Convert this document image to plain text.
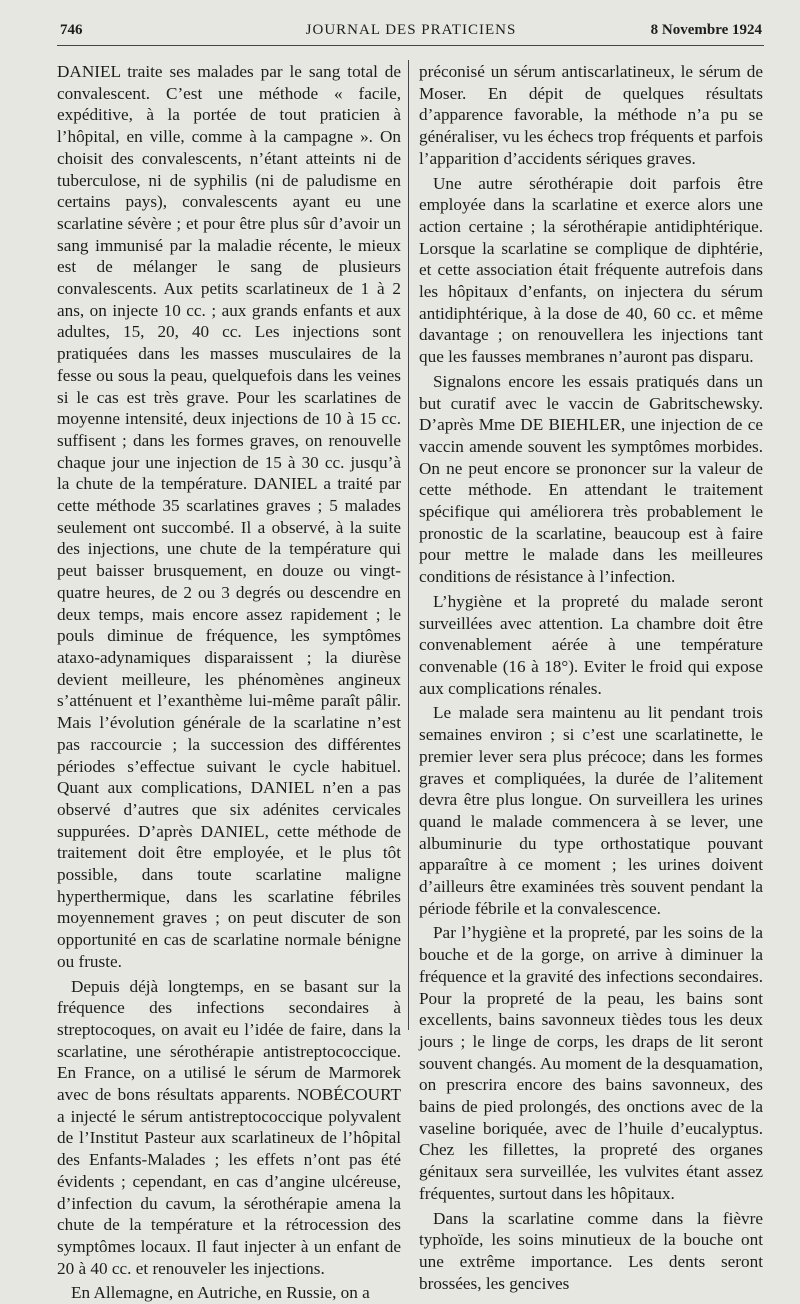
746	JOURNAL DES PRATICIENS	8 Novembre 1924

DANIEL traite ses malades par le sang total de convalescent. C’est une méthode « facile, expéditive, à la portée de tout praticien à l’hôpital, en ville, comme à la campagne ». On choisit des convalescents, n’étant atteints ni de tuberculose, ni de syphilis (ni de paludisme en certains pays), convalescents ayant eu une scarlatine sévère ; et pour être plus sûr d’avoir un sang immunisé par la maladie récente, le mieux est de mélanger le sang de plusieurs convalescents. Aux petits scarlatineux de 1 à 2 ans, on injecte 10 cc. ; aux grands enfants et aux adultes, 15, 20, 40 cc. Les injections sont pratiquées dans les masses musculaires de la fesse ou sous la peau, quelquefois dans les veines si le cas est très grave. Pour les scarlatines de moyenne intensité, deux injections de 10 à 15 cc. suffisent ; dans les formes graves, on renouvelle chaque jour une injection de 15 à 30 cc. jusqu’à la chute de la température. DANIEL a traité par cette méthode 35 scarlatines graves ; 5 malades seulement ont succombé. Il a observé, à la suite des injections, une chute de la température qui peut baisser brusquement, en douze ou vingt-quatre heures, de 2 ou 3 degrés ou descendre en deux temps, mais encore assez rapidement ; le pouls diminue de fréquence, les symptômes ataxo-adynamiques disparaissent ; la diurèse devient meilleure, les phénomènes angineux s’atténuent et l’exanthème lui-même paraît pâlir. Mais l’évolution générale de la scarlatine n’est pas raccourcie ; la succession des différentes périodes s’effectue suivant le cycle habituel. Quant aux complications, DANIEL n’en a pas observé d’autres que six adénites cervicales suppurées. D’après DANIEL, cette méthode de traitement doit être employée, et le plus tôt possible, dans toute scarlatine maligne hyperthermique, dans les scarlatine fébriles moyennement graves ; on peut discuter de son opportunité en cas de scarlatine normale bénigne ou fruste.

Depuis déjà longtemps, en se basant sur la fréquence des infections secondaires à streptocoques, on avait eu l’idée de faire, dans la scarlatine, une sérothérapie antistreptococcique. En France, on a utilisé le sérum de Marmorek avec de bons résultats apparents. NOBÉCOURT a injecté le sérum antistreptococcique polyvalent de l’Institut Pasteur aux scarlatineux de l’hôpital des Enfants-Malades ; les effets n’ont pas été évidents ; cependant, en cas d’angine ulcéreuse, d’infection du cavum, la sérothérapie amena la chute de la température et la rétrocession des symptômes locaux. Il faut injecter à un enfant de 20 à 40 cc. et renouveler les injections.

En Allemagne, en Autriche, en Russie, on a

préconisé un sérum antiscarlatineux, le sérum de Moser. En dépit de quelques résultats d’apparence favorable, la méthode n’a pu se généraliser, vu les échecs trop fréquents et parfois l’apparition d’accidents sériques graves.

Une autre sérothérapie doit parfois être employée dans la scarlatine et exerce alors une action certaine ; la sérothérapie antidiphtérique. Lorsque la scarlatine se complique de diphtérie, et cette association était fréquente autrefois dans les hôpitaux d’enfants, on injectera du sérum antidiphtérique, à la dose de 40, 60 cc. et même davantage ; on renouvellera les injections tant que les fausses membranes n’auront pas disparu.

Signalons encore les essais pratiqués dans un but curatif avec le vaccin de Gabritschewsky. D’après Mme DE BIEHLER, une injection de ce vaccin amende souvent les symptômes morbides. On ne peut encore se prononcer sur la valeur de cette méthode. En attendant le traitement spécifique qui améliorera très probablement le pronostic de la scarlatine, beaucoup est à faire pour mettre le malade dans les meilleures conditions de résistance à l’infection.

L’hygiène et la propreté du malade seront surveillées avec attention. La chambre doit être convenablement aérée à une température convenable (16 à 18°). Eviter le froid qui expose aux complications rénales.

Le malade sera maintenu au lit pendant trois semaines environ ; si c’est une scarlatinette, le premier lever sera plus précoce; dans les formes graves et compliquées, la durée de l’alitement devra être plus longue. On surveillera les urines quand le malade commencera à se lever, une albuminurie du type orthostatique pouvant apparaître à ce moment ; les urines doivent d’ailleurs être examinées très souvent pendant la période fébrile et la convalescence.

Par l’hygiène et la propreté, par les soins de la bouche et de la gorge, on arrive à diminuer la fréquence et la gravité des infections secondaires. Pour la propreté de la peau, les bains sont excellents, bains savonneux tièdes tous les deux jours ; le linge de corps, les draps de lit seront souvent changés. Au moment de la desquamation, on prescrira encore des bains savonneux, des bains de pied prolongés, des onctions avec de la vaseline boriquée, avec de l’huile d’eucalyptus. Chez les fillettes, la propreté des organes génitaux sera surveillée, les vulvites étant assez fréquentes, surtout dans les hôpitaux.

Dans la scarlatine comme dans la fièvre typhoïde, les soins minutieux de la bouche ont une extrême importance. Les dents seront brossées, les gencives
